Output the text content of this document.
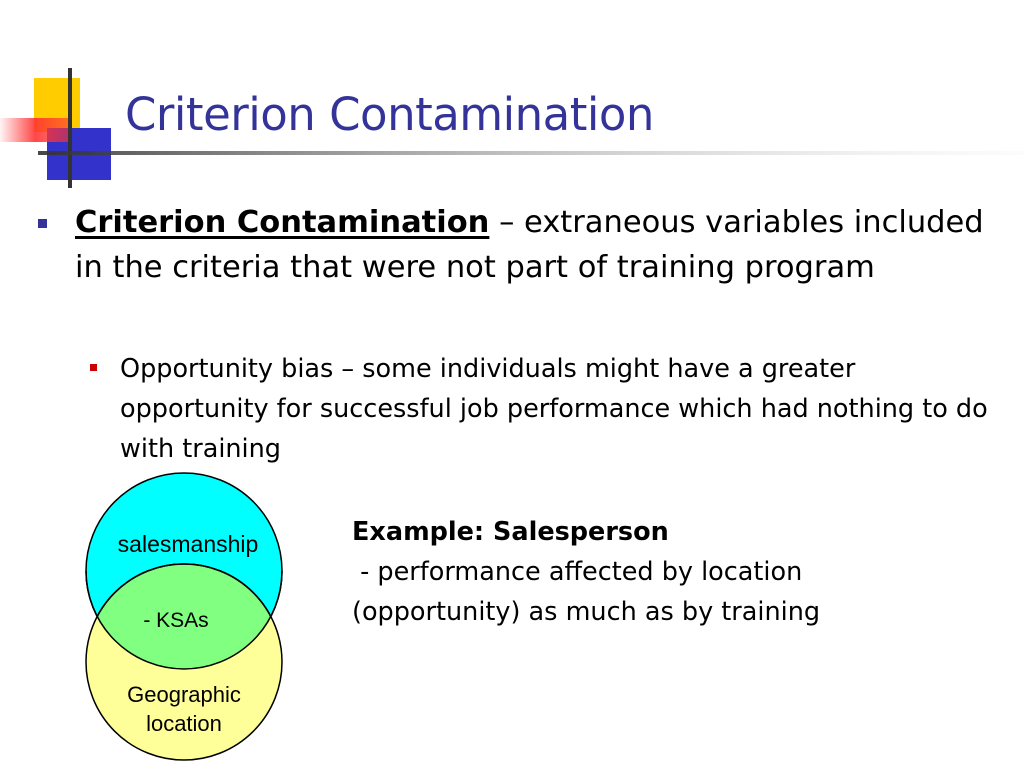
Criterion Contamination
Criterion Contamination – extraneous variables included in the criteria that were not part of training program
Opportunity bias – some individuals might have a greater opportunity for successful job performance which had nothing to do with training
salesmanship
- KSAs
Geographic
location
Example: Salesperson
- performance affected by location
(opportunity) as much as by training
